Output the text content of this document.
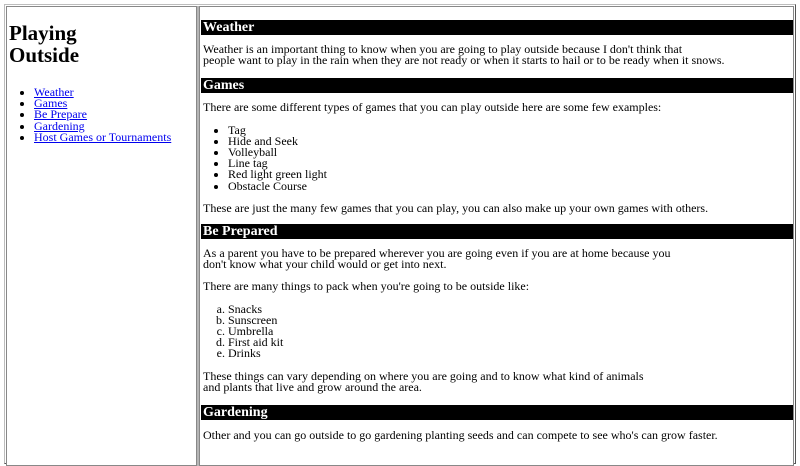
Playing
Outside
• Weather
• Games
• Be Prepare
• Gardening
• Host Games or Tournaments
Weather

Weather is an important thing to know when you are going to play outside because I don't think that
people want to play in the rain when they are not ready or when it starts to hail or to be ready when it snows.

Games

There are some different types of games that you can play outside here are some few examples:

• Tag
• Hide and Seek
• Volleyball
• Line tag
• Red light green light
• Obstacle Course

These are just the many few games that you can play, you can also make up your own games with others.

Be Prepared

As a parent you have to be prepared wherever you are going even if you are at home because you
don't know what your child would or get into next.

There are many things to pack when you're going to be outside like:

a. Snacks
b. Sunscreen
c. Umbrella
d. First aid kit
e. Drinks

These things can vary depending on where you are going and to know what kind of animals
and plants that live and grow around the area.

Gardening

Other and you can go outside to go gardening planting seeds and can compete to see who's can grow faster.
